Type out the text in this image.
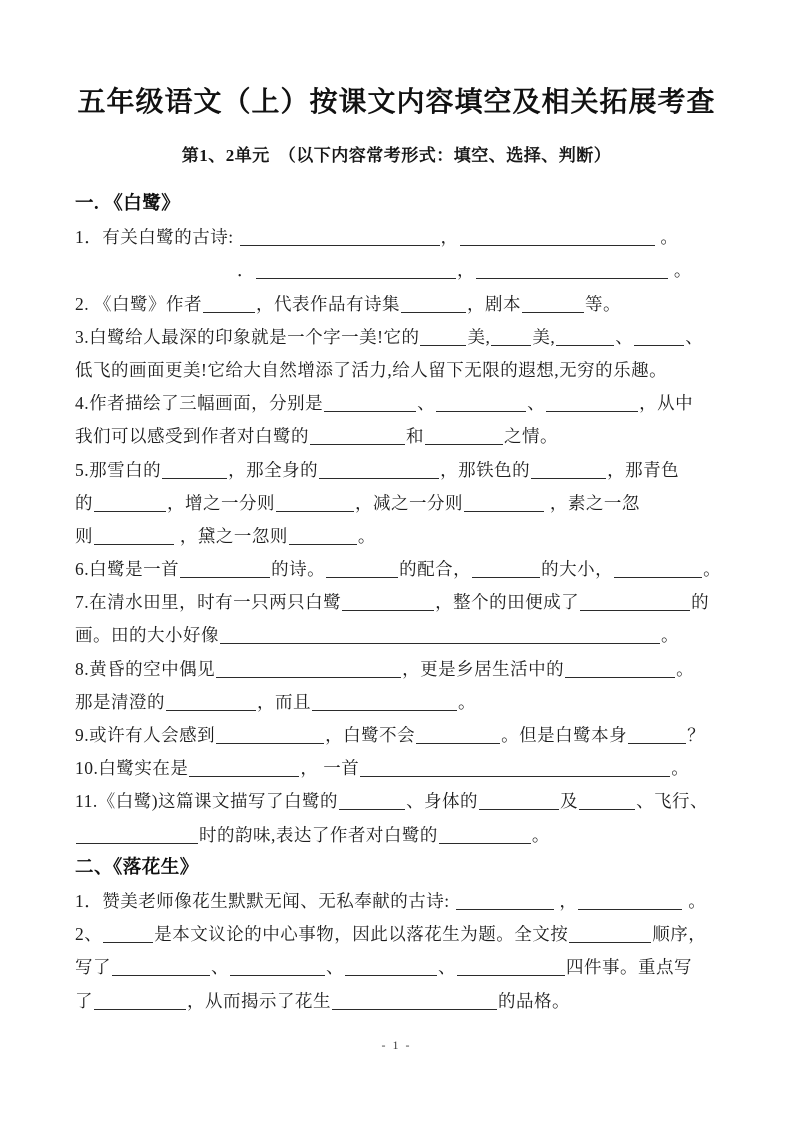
五年级语文（上）按课文内容填空及相关拓展考查
第1、2单元　（以下内容常考形式：填空、选择、判断）
一. 《白鹭》
1．有关白鹭的古诗:	，	。
．	，	。
2. 《白鹭》作者	，代表作品有诗集	，剧本	等。
3.白鹭给人最深的印象就是一个字一美!它的	美, 美,	、	、
低飞的画面更美!它给大自然增添了活力,给人留下无限的遐想,无穷的乐趣。
4.作者描绘了三幅画面，分别是	、	、	，从中
我们可以感受到作者对白鹭的	和	之情。
5.那雪白的	，那全身的	，那铁色的	，那青色
的	，增之一分则	，减之一分则	，素之一忽
则	，黛之一忽则	。
6.白鹭是一首	的诗。	的配合，	的大小，	。
7.在清水田里，时有一只两只白鹭	，整个的田便成了	的
画。田的大小好像	。
8.黄昏的空中偶见	，更是乡居生活中的	。
那是清澄的	，而且	。
9.或许有人会感到	，白鹭不会	。但是白鹭本身	？
10.白鹭实在是	， 一首	。
11.《白鹭)这篇课文描写了白鹭的	、身体的	及	、飞行、
时的韵味,表达了作者对白鹭的	。
二、《落花生》
1．赞美老师像花生默默无闻、无私奉献的古诗:	，	。
2、	是本文议论的中心事物，因此以落花生为题。全文按	顺序，
写了	、	、	、	四件事。重点写
了	，从而揭示了花生	的品格。
- 1 -
